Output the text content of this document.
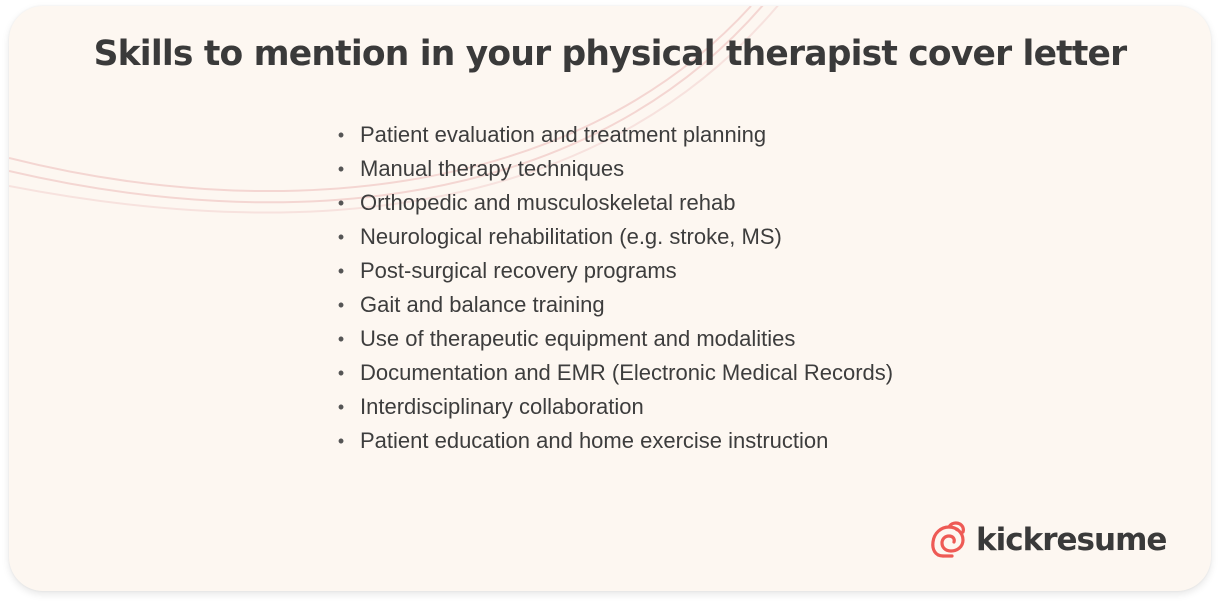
Skills to mention in your physical therapist cover letter
• Patient evaluation and treatment planning
• Manual therapy techniques
• Orthopedic and musculoskeletal rehab
• Neurological rehabilitation (e.g. stroke, MS)
• Post-surgical recovery programs
• Gait and balance training
• Use of therapeutic equipment and modalities
• Documentation and EMR (Electronic Medical Records)
• Interdisciplinary collaboration
• Patient education and home exercise instruction
kickresume
